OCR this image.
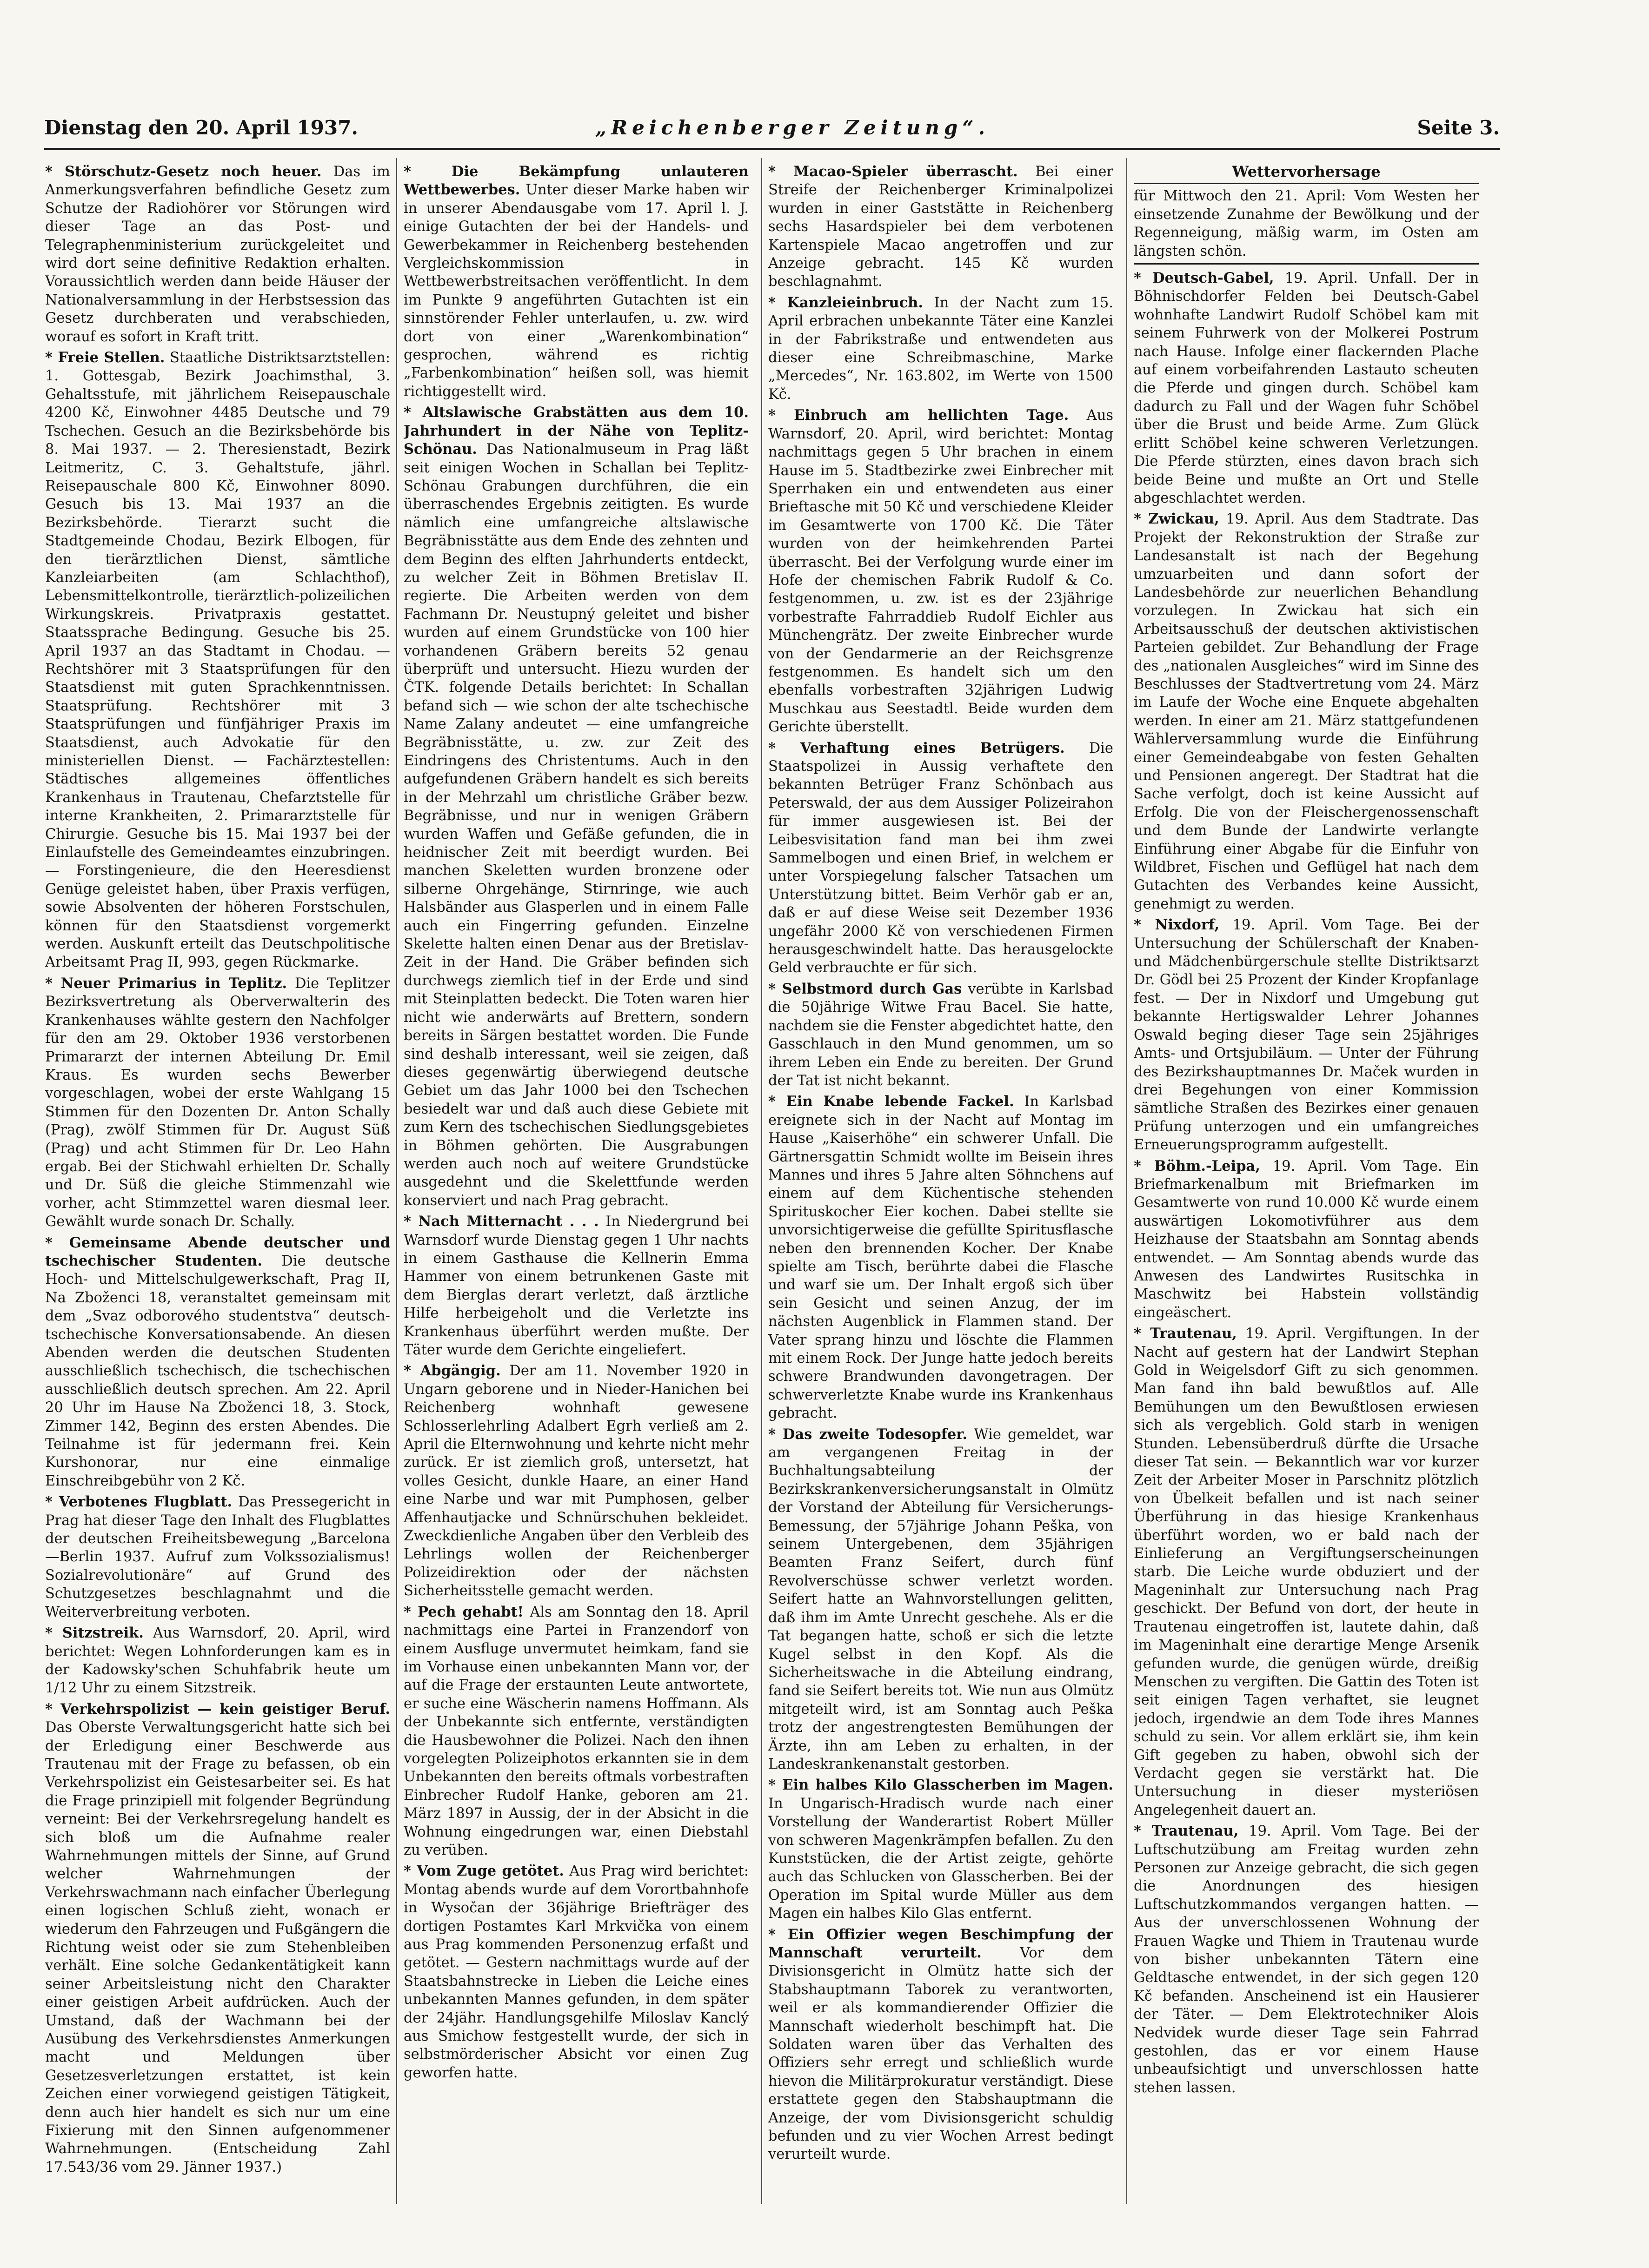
Dienstag den 20. April 1937.	„Reichenberger Zeitung“.	Seite 3.

* Störschutz-Gesetz noch heuer. Das im Anmerkungsverfahren befindliche Gesetz zum Schutze der Radiohörer vor Störungen wird dieser Tage an das Post- und Telegraphenministerium zurückgeleitet und wird dort seine definitive Redaktion erhalten. Voraussichtlich werden dann beide Häuser der Nationalversammlung in der Herbstsession das Gesetz durchberaten und verabschieden, worauf es sofort in Kraft tritt.

* Freie Stellen. Staatliche Distriktsarztstellen: 1. Gottesgab, Bezirk Joachimsthal, 3. Gehaltsstufe, mit jährlichem Reisepauschale 4200 Kč, Einwohner 4485 Deutsche und 79 Tschechen. Gesuch an die Bezirksbehörde bis 8. Mai 1937. — 2. Theresienstadt, Bezirk Leitmeritz, C. 3. Gehaltstufe, jährl. Reisepauschale 800 Kč, Einwohner 8090. Gesuch bis 13. Mai 1937 an die Bezirksbehörde. Tierarzt sucht die Stadtgemeinde Chodau, Bezirk Elbogen, für den tierärztlichen Dienst, sämtliche Kanzleiarbeiten (am Schlachthof), Lebensmittelkontrolle, tierärztlich-polizeilichen Wirkungskreis. Privatpraxis gestattet. Staatssprache Bedingung. Gesuche bis 25. April 1937 an das Stadtamt in Chodau. — Rechtshörer mit 3 Staatsprüfungen für den Staatsdienst mit guten Sprachkenntnissen. Staatsprüfung. Rechtshörer mit 3 Staatsprüfungen und fünfjähriger Praxis im Staatsdienst, auch Advokatie für den ministeriellen Dienst. — Fachärztestellen: Städtisches allgemeines öffentliches Krankenhaus in Trautenau, Chefarztstelle für interne Krankheiten, 2. Primararztstelle für Chirurgie. Gesuche bis 15. Mai 1937 bei der Einlaufstelle des Gemeindeamtes einzubringen. — Forstingenieure, die den Heeresdienst Genüge geleistet haben, über Praxis verfügen, sowie Absolventen der höheren Forstschulen, können für den Staatsdienst vorgemerkt werden. Auskunft erteilt das Deutschpolitische Arbeitsamt Prag II, 993, gegen Rückmarke.

* Neuer Primarius in Teplitz. Die Teplitzer Bezirksvertretung als Oberverwalterin des Krankenhauses wählte gestern den Nachfolger für den am 29. Oktober 1936 verstorbenen Primararzt der internen Abteilung Dr. Emil Kraus. Es wurden sechs Bewerber vorgeschlagen, wobei der erste Wahlgang 15 Stimmen für den Dozenten Dr. Anton Schally (Prag), zwölf Stimmen für Dr. August Süß (Prag) und acht Stimmen für Dr. Leo Hahn ergab. Bei der Stichwahl erhielten Dr. Schally und Dr. Süß die gleiche Stimmenzahl wie vorher, acht Stimmzettel waren diesmal leer. Gewählt wurde sonach Dr. Schally.

* Gemeinsame Abende deutscher und tschechischer Studenten. Die deutsche Hoch- und Mittelschulgewerkschaft, Prag II, Na Zboženci 18, veranstaltet gemeinsam mit dem „Svaz odborového studentstva“ deutsch-tschechische Konversationsabende. An diesen Abenden werden die deutschen Studenten ausschließlich tschechisch, die tschechischen ausschließlich deutsch sprechen. Am 22. April 20 Uhr im Hause Na Zboženci 18, 3. Stock, Zimmer 142, Beginn des ersten Abendes. Die Teilnahme ist für jedermann frei. Kein Kurshonorar, nur eine einmalige Einschreibgebühr von 2 Kč.

* Verbotenes Flugblatt. Das Pressegericht in Prag hat dieser Tage den Inhalt des Flugblattes der deutschen Freiheitsbewegung „Barcelona—Berlin 1937. Aufruf zum Volkssozialismus! Sozialrevolutionäre“ auf Grund des Schutzgesetzes beschlagnahmt und die Weiterverbreitung verboten.

* Sitzstreik. Aus Warnsdorf, 20. April, wird berichtet: Wegen Lohnforderungen kam es in der Kadowsky'schen Schuhfabrik heute um 1/12 Uhr zu einem Sitzstreik.

* Verkehrspolizist — kein geistiger Beruf. Das Oberste Verwaltungsgericht hatte sich bei der Erledigung einer Beschwerde aus Trautenau mit der Frage zu befassen, ob ein Verkehrspolizist ein Geistesarbeiter sei. Es hat die Frage prinzipiell mit folgender Begründung verneint: Bei der Verkehrsregelung handelt es sich bloß um die Aufnahme realer Wahrnehmungen mittels der Sinne, auf Grund welcher Wahrnehmungen der Verkehrswachmann nach einfacher Überlegung einen logischen Schluß zieht, wonach er wiederum den Fahrzeugen und Fußgängern die Richtung weist oder sie zum Stehenbleiben verhält. Eine solche Gedankentätigkeit kann seiner Arbeitsleistung nicht den Charakter einer geistigen Arbeit aufdrücken. Auch der Umstand, daß der Wachmann bei der Ausübung des Verkehrsdienstes Anmerkungen macht und Meldungen über Gesetzesverletzungen erstattet, ist kein Zeichen einer vorwiegend geistigen Tätigkeit, denn auch hier handelt es sich nur um eine Fixierung mit den Sinnen aufgenommener Wahrnehmungen. (Entscheidung Zahl 17.543/36 vom 29. Jänner 1937.)

* Die Bekämpfung unlauteren Wettbewerbes. Unter dieser Marke haben wir in unserer Abendausgabe vom 17. April l. J. einige Gutachten der bei der Handels- und Gewerbekammer in Reichenberg bestehenden Vergleichskommission in Wettbewerbstreitsachen veröffentlicht. In dem im Punkte 9 angeführten Gutachten ist ein sinnstörender Fehler unterlaufen, u. zw. wird dort von einer „Warenkombination“ gesprochen, während es richtig „Farbenkombination“ heißen soll, was hiemit richtiggestellt wird.

* Altslawische Grabstätten aus dem 10. Jahrhundert in der Nähe von Teplitz-Schönau. Das Nationalmuseum in Prag läßt seit einigen Wochen in Schallan bei Teplitz-Schönau Grabungen durchführen, die ein überraschendes Ergebnis zeitigten. Es wurde nämlich eine umfangreiche altslawische Begräbnisstätte aus dem Ende des zehnten und dem Beginn des elften Jahrhunderts entdeckt, zu welcher Zeit in Böhmen Bretislav II. regierte. Die Arbeiten werden von dem Fachmann Dr. Neustupný geleitet und bisher wurden auf einem Grundstücke von 100 hier vorhandenen Gräbern bereits 52 genau überprüft und untersucht. Hiezu wurden der ČTK. folgende Details berichtet: In Schallan befand sich — wie schon der alte tschechische Name Zalany andeutet — eine umfangreiche Begräbnisstätte, u. zw. zur Zeit des Eindringens des Christentums. Auch in den aufgefundenen Gräbern handelt es sich bereits in der Mehrzahl um christliche Gräber bezw. Begräbnisse, und nur in wenigen Gräbern wurden Waffen und Gefäße gefunden, die in heidnischer Zeit mit beerdigt wurden. Bei manchen Skeletten wurden bronzene oder silberne Ohrgehänge, Stirnringe, wie auch Halsbänder aus Glasperlen und in einem Falle auch ein Fingerring gefunden. Einzelne Skelette halten einen Denar aus der Bretislav-Zeit in der Hand. Die Gräber befinden sich durchwegs ziemlich tief in der Erde und sind mit Steinplatten bedeckt. Die Toten waren hier nicht wie anderwärts auf Brettern, sondern bereits in Särgen bestattet worden. Die Funde sind deshalb interessant, weil sie zeigen, daß dieses gegenwärtig überwiegend deutsche Gebiet um das Jahr 1000 bei den Tschechen besiedelt war und daß auch diese Gebiete mit zum Kern des tschechischen Siedlungsgebietes in Böhmen gehörten. Die Ausgrabungen werden auch noch auf weitere Grundstücke ausgedehnt und die Skelettfunde werden konserviert und nach Prag gebracht.

* Nach Mitternacht . . . In Niedergrund bei Warnsdorf wurde Dienstag gegen 1 Uhr nachts in einem Gasthause die Kellnerin Emma Hammer von einem betrunkenen Gaste mit dem Bierglas derart verletzt, daß ärztliche Hilfe herbeigeholt und die Verletzte ins Krankenhaus überführt werden mußte. Der Täter wurde dem Gerichte eingeliefert.

* Abgängig. Der am 11. November 1920 in Ungarn geborene und in Nieder-Hanichen bei Reichenberg wohnhaft gewesene Schlosserlehrling Adalbert Egrh verließ am 2. April die Elternwohnung und kehrte nicht mehr zurück. Er ist ziemlich groß, untersetzt, hat volles Gesicht, dunkle Haare, an einer Hand eine Narbe und war mit Pumphosen, gelber Affenhautjacke und Schnürschuhen bekleidet. Zweckdienliche Angaben über den Verbleib des Lehrlings wollen der Reichenberger Polizeidirektion oder der nächsten Sicherheitsstelle gemacht werden.

* Pech gehabt! Als am Sonntag den 18. April nachmittags eine Partei in Franzendorf von einem Ausfluge unvermutet heimkam, fand sie im Vorhause einen unbekannten Mann vor, der auf die Frage der erstaunten Leute antwortete, er suche eine Wäscherin namens Hoffmann. Als der Unbekannte sich entfernte, verständigten die Hausbewohner die Polizei. Nach den ihnen vorgelegten Polizeiphotos erkannten sie in dem Unbekannten den bereits oftmals vorbestraften Einbrecher Rudolf Hanke, geboren am 21. März 1897 in Aussig, der in der Absicht in die Wohnung eingedrungen war, einen Diebstahl zu verüben.

* Vom Zuge getötet. Aus Prag wird berichtet: Montag abends wurde auf dem Vorortbahnhofe in Wysočan der 36jährige Briefträger des dortigen Postamtes Karl Mrkvička von einem aus Prag kommenden Personenzug erfaßt und getötet. — Gestern nachmittags wurde auf der Staatsbahnstrecke in Lieben die Leiche eines unbekannten Mannes gefunden, in dem später der 24jähr. Handlungsgehilfe Miloslav Kanclý aus Smichow festgestellt wurde, der sich in selbstmörderischer Absicht vor einen Zug geworfen hatte.

* Macao-Spieler überrascht. Bei einer Streife der Reichenberger Kriminalpolizei wurden in einer Gaststätte in Reichenberg sechs Hasardspieler bei dem verbotenen Kartenspiele Macao angetroffen und zur Anzeige gebracht. 145 Kč wurden beschlagnahmt.

* Kanzleieinbruch. In der Nacht zum 15. April erbrachen unbekannte Täter eine Kanzlei in der Fabrikstraße und entwendeten aus dieser eine Schreibmaschine, Marke „Mercedes“, Nr. 163.802, im Werte von 1500 Kč.

* Einbruch am hellichten Tage. Aus Warnsdorf, 20. April, wird berichtet: Montag nachmittags gegen 5 Uhr brachen in einem Hause im 5. Stadtbezirke zwei Einbrecher mit Sperrhaken ein und entwendeten aus einer Brieftasche mit 50 Kč und verschiedene Kleider im Gesamtwerte von 1700 Kč. Die Täter wurden von der heimkehrenden Partei überrascht. Bei der Verfolgung wurde einer im Hofe der chemischen Fabrik Rudolf & Co. festgenommen, u. zw. ist es der 23jährige vorbestrafte Fahrraddieb Rudolf Eichler aus Münchengrätz. Der zweite Einbrecher wurde von der Gendarmerie an der Reichsgrenze festgenommen. Es handelt sich um den ebenfalls vorbestraften 32jährigen Ludwig Muschkau aus Seestadtl. Beide wurden dem Gerichte überstellt.

* Verhaftung eines Betrügers. Die Staatspolizei in Aussig verhaftete den bekannten Betrüger Franz Schönbach aus Peterswald, der aus dem Aussiger Polizeirahon für immer ausgewiesen ist. Bei der Leibesvisitation fand man bei ihm zwei Sammelbogen und einen Brief, in welchem er unter Vorspiegelung falscher Tatsachen um Unterstützung bittet. Beim Verhör gab er an, daß er auf diese Weise seit Dezember 1936 ungefähr 2000 Kč von verschiedenen Firmen herausgeschwindelt hatte. Das herausgelockte Geld verbrauchte er für sich.

* Selbstmord durch Gas verübte in Karlsbad die 50jährige Witwe Frau Bacel. Sie hatte, nachdem sie die Fenster abgedichtet hatte, den Gasschlauch in den Mund genommen, um so ihrem Leben ein Ende zu bereiten. Der Grund der Tat ist nicht bekannt.

* Ein Knabe lebende Fackel. In Karlsbad ereignete sich in der Nacht auf Montag im Hause „Kaiserhöhe“ ein schwerer Unfall. Die Gärtnersgattin Schmidt wollte im Beisein ihres Mannes und ihres 5 Jahre alten Söhnchens auf einem auf dem Küchentische stehenden Spirituskocher Eier kochen. Dabei stellte sie unvorsichtigerweise die gefüllte Spiritusflasche neben den brennenden Kocher. Der Knabe spielte am Tisch, berührte dabei die Flasche und warf sie um. Der Inhalt ergoß sich über sein Gesicht und seinen Anzug, der im nächsten Augenblick in Flammen stand. Der Vater sprang hinzu und löschte die Flammen mit einem Rock. Der Junge hatte jedoch bereits schwere Brandwunden davongetragen. Der schwerverletzte Knabe wurde ins Krankenhaus gebracht.

* Das zweite Todesopfer. Wie gemeldet, war am vergangenen Freitag in der Buchhaltungsabteilung der Bezirkskrankenversicherungsanstalt in Olmütz der Vorstand der Abteilung für Versicherungs-Bemessung, der 57jährige Johann Peška, von seinem Untergebenen, dem 35jährigen Beamten Franz Seifert, durch fünf Revolverschüsse schwer verletzt worden. Seifert hatte an Wahnvorstellungen gelitten, daß ihm im Amte Unrecht geschehe. Als er die Tat begangen hatte, schoß er sich die letzte Kugel selbst in den Kopf. Als die Sicherheitswache in die Abteilung eindrang, fand sie Seifert bereits tot. Wie nun aus Olmütz mitgeteilt wird, ist am Sonntag auch Peška trotz der angestrengtesten Bemühungen der Ärzte, ihn am Leben zu erhalten, in der Landeskrankenanstalt gestorben.

* Ein halbes Kilo Glasscherben im Magen. In Ungarisch-Hradisch wurde nach einer Vorstellung der Wanderartist Robert Müller von schweren Magenkrämpfen befallen. Zu den Kunststücken, die der Artist zeigte, gehörte auch das Schlucken von Glasscherben. Bei der Operation im Spital wurde Müller aus dem Magen ein halbes Kilo Glas entfernt.

* Ein Offizier wegen Beschimpfung der Mannschaft verurteilt.	Vor dem Divisionsgericht in Olmütz hatte sich der Stabshauptmann Taborek zu verantworten, weil er als kommandierender Offizier die Mannschaft wiederholt beschimpft hat. Die Soldaten waren über das Verhalten des Offiziers sehr erregt und schließlich wurde hievon die Militärprokuratur verständigt. Diese erstattete gegen den Stabshauptmann die Anzeige, der vom Divisionsgericht schuldig befunden und zu vier Wochen Arrest bedingt verurteilt wurde.

Wettervorhersage

für Mittwoch den 21. April: Vom Westen her einsetzende Zunahme der Bewölkung und der Regenneigung, mäßig warm, im Osten am längsten schön.

* Deutsch-Gabel, 19. April. Unfall. Der in Böhnischdorfer Felden bei Deutsch-Gabel wohnhafte Landwirt Rudolf Schöbel kam mit seinem Fuhrwerk von der Molkerei Postrum nach Hause. Infolge einer flackernden Plache auf einem vorbeifahrenden Lastauto scheuten die Pferde und gingen durch. Schöbel kam dadurch zu Fall und der Wagen fuhr Schöbel über die Brust und beide Arme. Zum Glück erlitt Schöbel keine schweren Verletzungen. Die Pferde stürzten, eines davon brach sich beide Beine und mußte an Ort und Stelle abgeschlachtet werden.

* Zwickau, 19. April. Aus dem Stadtrate. Das Projekt der Rekonstruktion der Straße zur Landesanstalt ist nach der Begehung umzuarbeiten und dann sofort der Landesbehörde zur neuerlichen Behandlung vorzulegen. In Zwickau hat sich ein Arbeitsausschuß der deutschen aktivistischen Parteien gebildet. Zur Behandlung der Frage des „nationalen Ausgleiches“ wird im Sinne des Beschlusses der Stadtvertretung vom 24. März im Laufe der Woche eine Enquete abgehalten werden. In einer am 21. März stattgefundenen Wählerversammlung wurde die Einführung einer Gemeindeabgabe von festen Gehalten und Pensionen angeregt. Der Stadtrat hat die Sache verfolgt, doch ist keine Aussicht auf Erfolg. Die von der Fleischergenossenschaft und dem Bunde der Landwirte verlangte Einführung einer Abgabe für die Einfuhr von Wildbret, Fischen und Geflügel hat nach dem Gutachten des Verbandes keine Aussicht, genehmigt zu werden.

* Nixdorf, 19. April. Vom Tage. Bei der Untersuchung der Schülerschaft der Knaben- und Mädchenbürgerschule stellte Distriktsarzt Dr. Gödl bei 25 Prozent der Kinder Kropfanlage fest. — Der in Nixdorf und Umgebung gut bekannte Hertigswalder Lehrer Johannes Oswald beging dieser Tage sein 25jähriges Amts- und Ortsjubiläum. — Unter der Führung des Bezirkshauptmannes Dr. Maček wurden in drei Begehungen von einer Kommission sämtliche Straßen des Bezirkes einer genauen Prüfung unterzogen und ein umfangreiches Erneuerungsprogramm aufgestellt.

* Böhm.-Leipa, 19. April. Vom Tage. Ein Briefmarkenalbum mit Briefmarken im Gesamtwerte von rund 10.000 Kč wurde einem auswärtigen Lokomotivführer aus dem Heizhause der Staatsbahn am Sonntag abends entwendet. — Am Sonntag abends wurde das Anwesen des Landwirtes Rusitschka in Maschwitz bei Habstein vollständig eingeäschert.

* Trautenau, 19. April. Vergiftungen. In der Nacht auf gestern hat der Landwirt Stephan Gold in Weigelsdorf Gift zu sich genommen. Man fand ihn bald bewußtlos auf. Alle Bemühungen um den Bewußtlosen erwiesen sich als vergeblich. Gold starb in wenigen Stunden. Lebensüberdruß dürfte die Ursache dieser Tat sein. — Bekanntlich war vor kurzer Zeit der Arbeiter Moser in Parschnitz plötzlich von Übelkeit befallen und ist nach seiner Überführung in das hiesige Krankenhaus überführt worden, wo er bald nach der Einlieferung an Vergiftungserscheinungen starb. Die Leiche wurde obduziert und der Mageninhalt zur Untersuchung nach Prag geschickt. Der Befund von dort, der heute in Trautenau eingetroffen ist, lautete dahin, daß im Mageninhalt eine derartige Menge Arsenik gefunden wurde, die genügen würde, dreißig Menschen zu vergiften. Die Gattin des Toten ist seit einigen Tagen verhaftet, sie leugnet jedoch, irgendwie an dem Tode ihres Mannes schuld zu sein. Vor allem erklärt sie, ihm kein Gift gegeben zu haben, obwohl sich der Verdacht gegen sie verstärkt hat. Die Untersuchung in dieser mysteriösen Angelegenheit dauert an.

* Trautenau, 19. April. Vom Tage. Bei der Luftschutzübung am Freitag wurden zehn Personen zur Anzeige gebracht, die sich gegen die Anordnungen des hiesigen Luftschutzkommandos vergangen hatten. — Aus der unverschlossenen Wohnung der Frauen Wagke und Thiem in Trautenau wurde von bisher unbekannten Tätern eine Geldtasche entwendet, in der sich gegen 120 Kč befanden. Anscheinend ist ein Hausierer der Täter. — Dem Elektrotechniker Alois Nedvidek wurde dieser Tage sein Fahrrad gestohlen, das er vor einem Hause unbeaufsichtigt und unverschlossen hatte stehen lassen.
